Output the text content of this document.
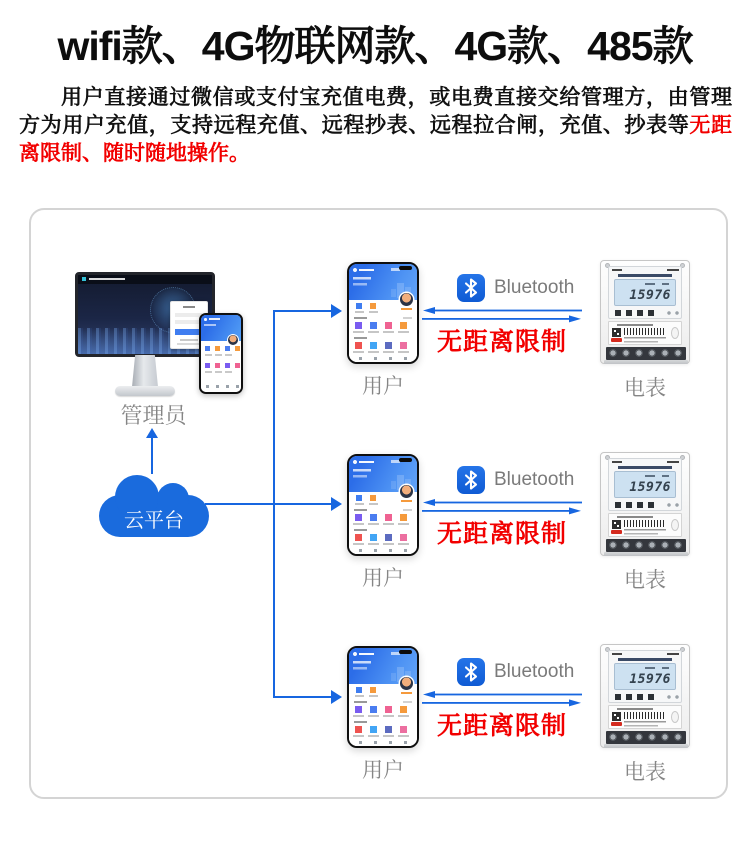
wifi款、4G物联网款、4G款、485款

用户直接通过微信或支付宝充值电费，或电费直接交给管理方，由管理方为用户充值，支持远程充值、远程抄表、远程拉合闸，充值、抄表等无距离限制、随时随地操作。

管理员
云平台
用户
Bluetooth
无距离限制
15976
电表
用户
Bluetooth
无距离限制
15976
电表
用户
Bluetooth
无距离限制
15976
电表
